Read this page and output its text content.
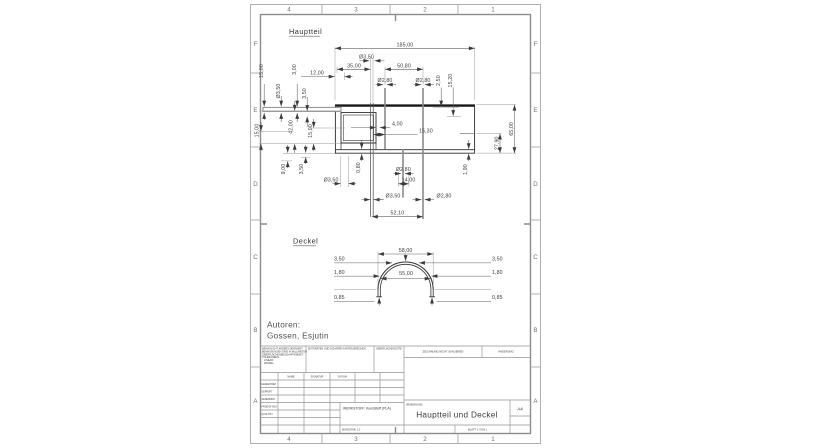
4	3	2	1
4	3	2	1
F
E
D
C
B
A
F
E
D
C
B
A
Hauptteil
185,00
Ø3,50
35,00	50,80
12,00
Ø2,80	Ø2,80 2,50 15,20
15,00	3,00
Ø3,50	3,50
15,00	42,00	15,00	4,00
15,30
27,90
65,00
9,00 3,50
Ø3,50
0,80	Ø2,80
14,00
1,90
Ø3,50	Ø2,80
52,10
Deckel
58,00
55,00
3,50	3,50
1,80	1,80
0,85	0,85
Autoren:
Gossen, Esjutin
WENN NICHT ANDERS DEFINIERT:
BEMASSUNGEN SIND IN MILLIMETER
OBERFLÄCHENBESCHAFFENHEIT:
TOLERANZEN:
LINEAR:
WINKEL:
ENTGRATEN UND SCHARFE KANTEN BRECHEN	OBERFLÄCHENGÜTE:
ZEICHNUNG NICHT SKALIEREN	ÄNDERUNG
NAME	SIGNATUR	DATUM
GEZEICHNET
GEPRÜFT
GENEHMIGT
PRODUKTION
QUALITÄT
WERKSTOFF: Kunststoff (PLA)
BENENNUNG:
Hauptteil und Deckel
A4
MASSSTAB: 1:2	BLATT 1 VON 1
